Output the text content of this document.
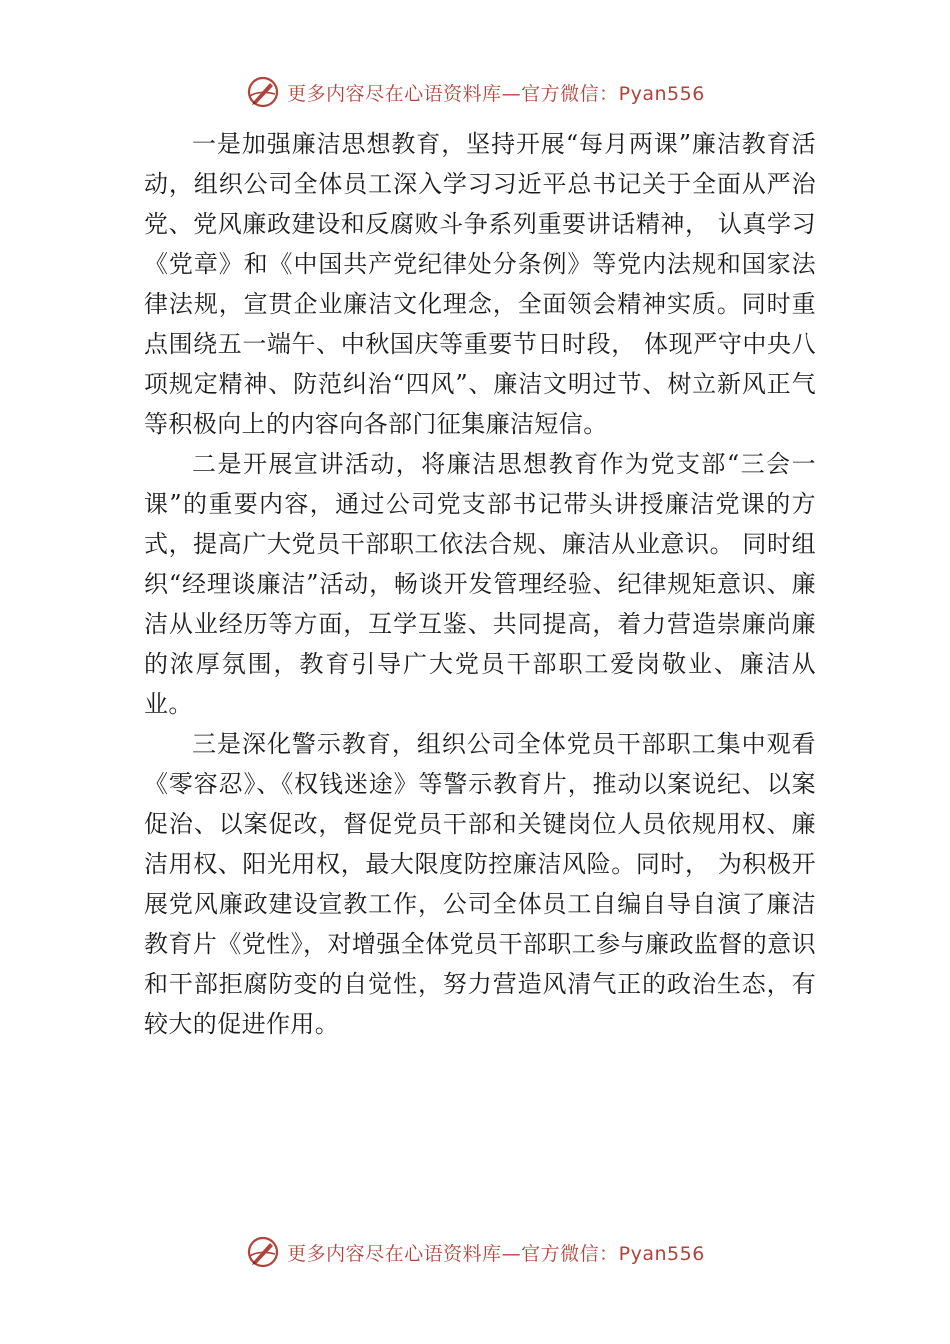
更多内容尽在心语资料库—官方微信：Pyan556

一是加强廉洁思想教育，坚持开展“每月两课”廉洁教育活动，组织公司全体员工深入学习习近平总书记关于全面从严治党、党风廉政建设和反腐败斗争系列重要讲话精神， 认真学习《党章》和《中国共产党纪律处分条例》等党内法规和国家法律法规，宣贯企业廉洁文化理念，全面领会精神实质。同时重点围绕五一端午、中秋国庆等重要节日时段， 体现严守中央八项规定精神、防范纠治“四风”、廉洁文明过节、树立新风正气等积极向上的内容向各部门征集廉洁短信。

二是开展宣讲活动，将廉洁思想教育作为党支部“三会一课”的重要内容，通过公司党支部书记带头讲授廉洁党课的方式，提高广大党员干部职工依法合规、廉洁从业意识。 同时组织“经理谈廉洁”活动，畅谈开发管理经验、纪律规矩意识、廉洁从业经历等方面，互学互鉴、共同提高，着力营造崇廉尚廉的浓厚氛围，教育引导广大党员干部职工爱岗敬业、廉洁从业。

三是深化警示教育，组织公司全体党员干部职工集中观看《零容忍》、《权钱迷途》等警示教育片，推动以案说纪、以案促治、以案促改，督促党员干部和关键岗位人员依规用权、廉洁用权、阳光用权，最大限度防控廉洁风险。同时， 为积极开展党风廉政建设宣教工作，公司全体员工自编自导自演了廉洁教育片《党性》，对增强全体党员干部职工参与廉政监督的意识和干部拒腐防变的自觉性，努力营造风清气正的政治生态，有较大的促进作用。

更多内容尽在心语资料库—官方微信：Pyan556
